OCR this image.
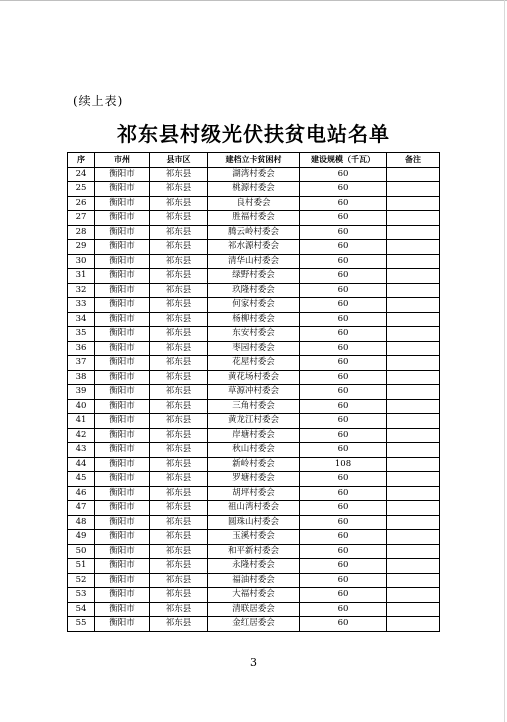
(续上表)
祁东县村级光伏扶贫电站名单
序	市州	县市区	建档立卡贫困村	建设规模（千瓦）	备注
24	衡阳市	祁东县	湖湾村委会	60	
25	衡阳市	祁东县	桃源村委会	60	
26	衡阳市	祁东县	良村委会	60	
27	衡阳市	祁东县	胜福村委会	60	
28	衡阳市	祁东县	腾云岭村委会	60	
29	衡阳市	祁东县	祁水源村委会	60	
30	衡阳市	祁东县	清华山村委会	60	
31	衡阳市	祁东县	绿野村委会	60	
32	衡阳市	祁东县	玖隆村委会	60	
33	衡阳市	祁东县	何家村委会	60	
34	衡阳市	祁东县	杨柳村委会	60	
35	衡阳市	祁东县	东安村委会	60	
36	衡阳市	祁东县	枣园村委会	60	
37	衡阳市	祁东县	花屋村委会	60	
38	衡阳市	祁东县	黄花场村委会	60	
39	衡阳市	祁东县	草源冲村委会	60	
40	衡阳市	祁东县	三角村委会	60	
41	衡阳市	祁东县	黄龙江村委会	60	
42	衡阳市	祁东县	岸塘村委会	60	
43	衡阳市	祁东县	秋山村委会	60	
44	衡阳市	祁东县	新岭村委会	108	
45	衡阳市	祁东县	罗塘村委会	60	
46	衡阳市	祁东县	胡坪村委会	60	
47	衡阳市	祁东县	祖山湾村委会	60	
48	衡阳市	祁东县	圆珠山村委会	60	
49	衡阳市	祁东县	玉溪村委会	60	
50	衡阳市	祁东县	和平新村委会	60	
51	衡阳市	祁东县	永隆村委会	60	
52	衡阳市	祁东县	福油村委会	60	
53	衡阳市	祁东县	大福村委会	60	
54	衡阳市	祁东县	清联居委会	60	
55	衡阳市	祁东县	金红居委会	60	
3
